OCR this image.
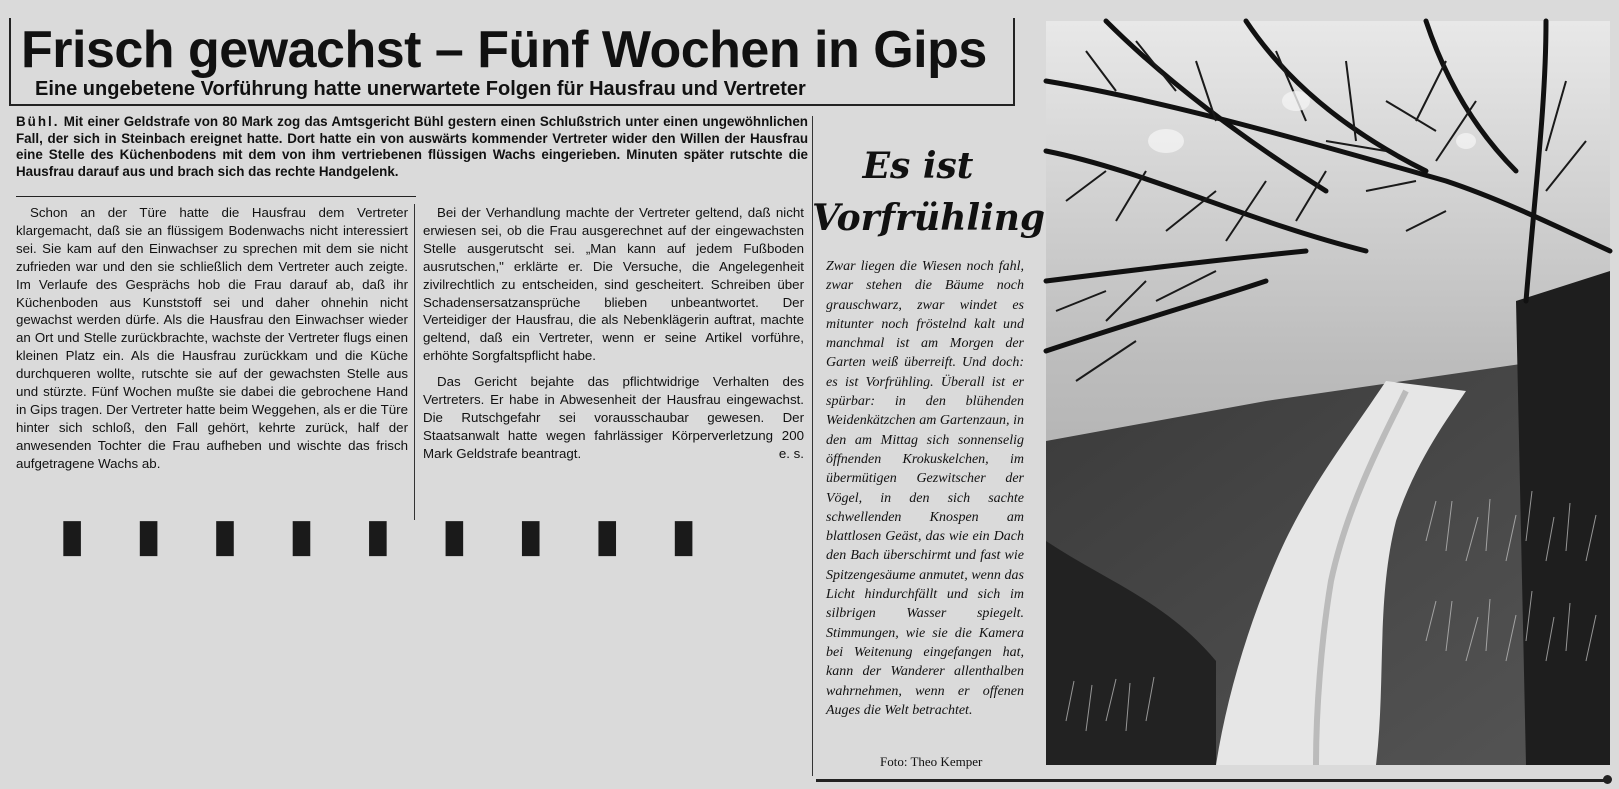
Frisch gewachst – Fünf Wochen in Gips
Eine ungebetene Vorführung hatte unerwartete Folgen für Hausfrau und Vertreter
Bühl. Mit einer Geldstrafe von 80 Mark zog das Amtsgericht Bühl gestern einen Schlußstrich unter einen ungewöhnlichen Fall, der sich in Steinbach ereignet hatte. Dort hatte ein von auswärts kommender Vertreter wider den Willen der Hausfrau eine Stelle des Küchenbodens mit dem von ihm vertriebenen flüssigen Wachs eingerieben. Minuten später rutschte die Hausfrau darauf aus und brach sich das rechte Handgelenk.

Schon an der Türe hatte die Hausfrau dem Vertreter klargemacht, daß sie an flüssigem Bodenwachs nicht interessiert sei. Sie kam auf den Einwachser zu sprechen mit dem sie nicht zufrieden war und den sie schließlich dem Vertreter auch zeigte. Im Verlaufe des Gesprächs hob die Frau darauf ab, daß ihr Küchenboden aus Kunststoff sei und daher ohnehin nicht gewachst werden dürfe. Als die Hausfrau den Einwachser wieder an Ort und Stelle zurückbrachte, wachste der Vertreter flugs einen kleinen Platz ein. Als die Hausfrau zurückkam und die Küche durchqueren wollte, rutschte sie auf der gewachsten Stelle aus und stürzte. Fünf Wochen mußte sie dabei die gebrochene Hand in Gips tragen. Der Vertreter hatte beim Weggehen, als er die Türe hinter sich schloß, den Fall gehört, kehrte zurück, half der anwesenden Tochter die Frau aufheben und wischte das frisch aufgetragene Wachs ab.

Bei der Verhandlung machte der Vertreter geltend, daß nicht erwiesen sei, ob die Frau ausgerechnet auf der eingewachsten Stelle ausgerutscht sei. „Man kann auf jedem Fußboden ausrutschen," erklärte er. Die Versuche, die Angelegenheit zivilrechtlich zu entscheiden, sind gescheitert. Schreiben über Schadensersatzansprüche blieben unbeantwortet. Der Verteidiger der Hausfrau, die als Nebenklägerin auftrat, machte geltend, daß ein Vertreter, wenn er seine Artikel vorführe, erhöhte Sorgfaltspflicht habe.

Das Gericht bejahte das pflichtwidrige Verhalten des Vertreters. Er habe in Abwesenheit der Hausfrau eingewachst. Die Rutschgefahr sei vorausschaubar gewesen. Der Staatsanwalt hatte wegen fahrlässiger Körperverletzung 200 Mark Geldstrafe beantragt.	e. s.

▮ ▮ ▮ ▮ ▮ ▮ ▮ ▮ ▮
Es ist
Vorfrühling
Zwar liegen die Wiesen noch fahl, zwar stehen die Bäume noch grauschwarz, zwar windet es mitunter noch fröstelnd kalt und manchmal ist am Morgen der Garten weiß überreift. Und doch: es ist Vorfrühling. Überall ist er spürbar: in den blühenden Weidenkätzchen am Gartenzaun, in den am Mittag sich sonnenselig öffnenden Krokuskelchen, im übermütigen Gezwitscher der Vögel, in den sich sachte schwellenden Knospen am blattlosen Geäst, das wie ein Dach den Bach überschirmt und fast wie Spitzengesäume anmutet, wenn das Licht hindurchfällt und sich im silbrigen Wasser spiegelt. Stimmungen, wie sie die Kamera bei Weitenung eingefangen hat, kann der Wanderer allenthalben wahrnehmen, wenn er offenen Auges die Welt betrachtet.
Foto: Theo Kemper
